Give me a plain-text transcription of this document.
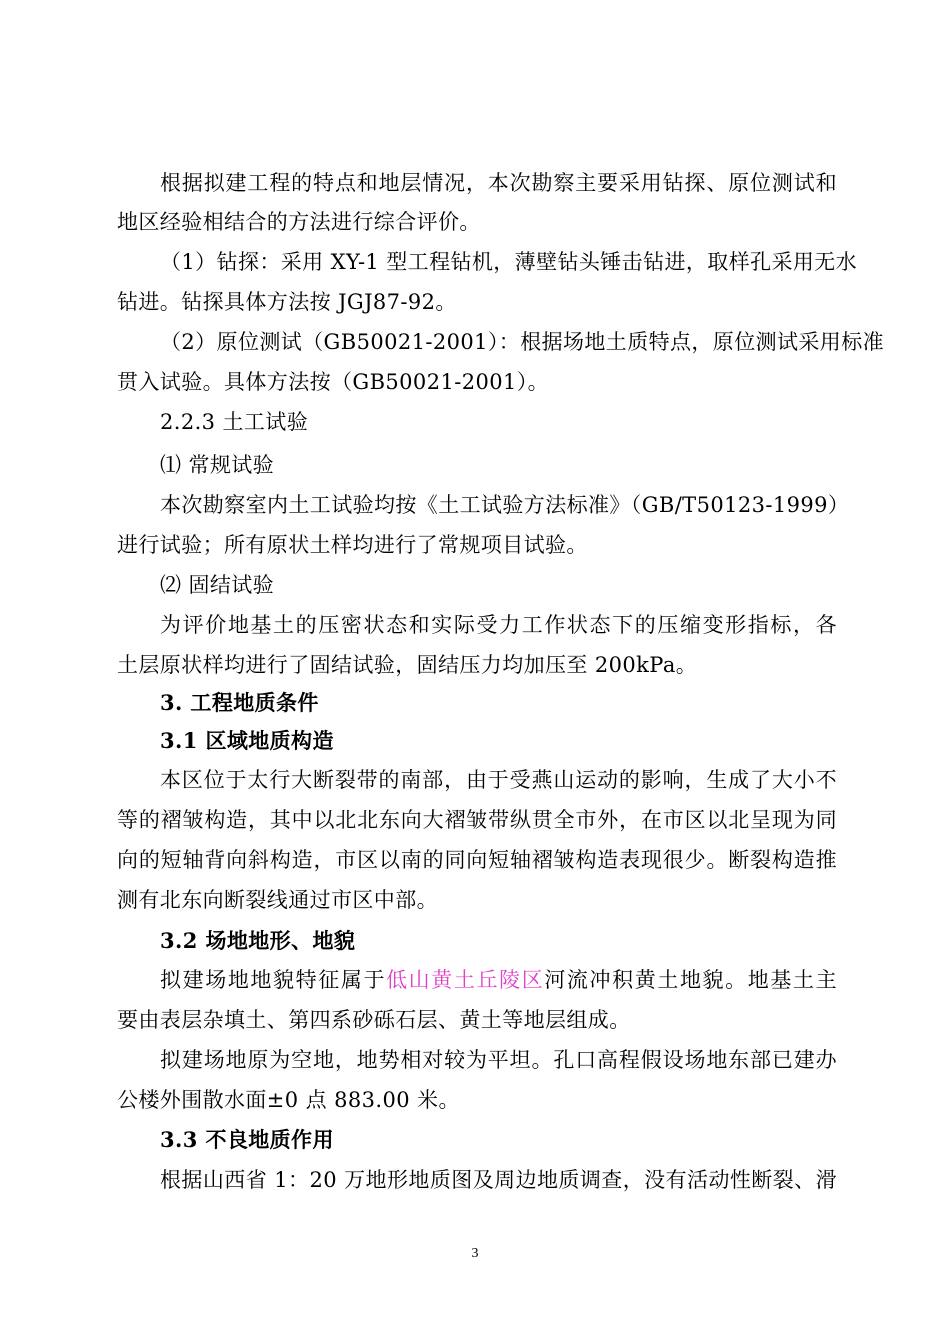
根据拟建工程的特点和地层情况，本次勘察主要采用钻探、原位测试和
地区经验相结合的方法进行综合评价。
（1）钻探：采用 XY-1 型工程钻机，薄壁钻头锤击钻进，取样孔采用无水
钻进。钻探具体方法按 JGJ87-92。
（2）原位测试（GB50021-2001）：根据场地土质特点，原位测试采用标准
贯入试验。具体方法按（GB50021-2001）。
2.2.3 土工试验
⑴ 常规试验
本次勘察室内土工试验均按《土工试验方法标准》（GB/T50123-1999）
进行试验；所有原状土样均进行了常规项目试验。
⑵ 固结试验
为评价地基土的压密状态和实际受力工作状态下的压缩变形指标，各
土层原状样均进行了固结试验，固结压力均加压至 200kPa。
3. 工程地质条件
3.1 区域地质构造
本区位于太行大断裂带的南部，由于受燕山运动的影响，生成了大小不
等的褶皱构造，其中以北北东向大褶皱带纵贯全市外，在市区以北呈现为同
向的短轴背向斜构造，市区以南的同向短轴褶皱构造表现很少。断裂构造推
测有北东向断裂线通过市区中部。
3.2 场地地形、地貌
拟建场地地貌特征属于低山黄土丘陵区河流冲积黄土地貌。地基土主
要由表层杂填土、第四系砂砾石层、黄土等地层组成。
拟建场地原为空地，地势相对较为平坦。孔口高程假设场地东部已建办
公楼外围散水面±0 点 883.00 米。
3.3 不良地质作用
根据山西省 1：20 万地形地质图及周边地质调查，没有活动性断裂、滑
3
